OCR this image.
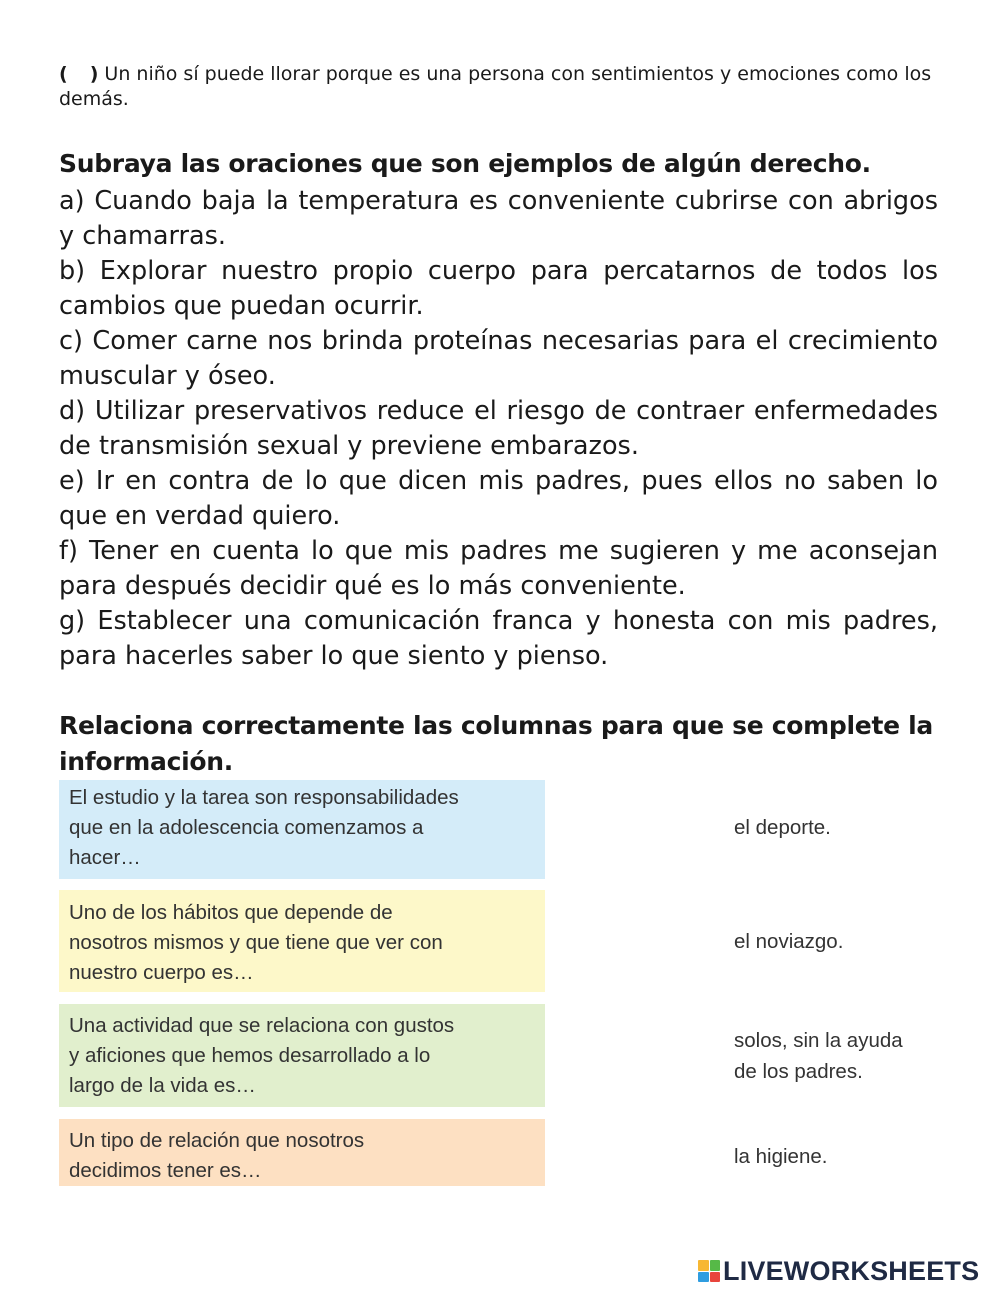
( ) Un niño sí puede llorar porque es una persona con sentimientos y emociones como los demás.
Subraya las oraciones que son ejemplos de algún derecho.
a) Cuando baja la temperatura es conveniente cubrirse con abrigos y chamarras.
b) Explorar nuestro propio cuerpo para percatarnos de todos los cambios que puedan ocurrir.
c) Comer carne nos brinda proteínas necesarias para el crecimiento muscular y óseo.
d) Utilizar preservativos reduce el riesgo de contraer enfermedades de transmisión sexual y previene embarazos.
e) Ir en contra de lo que dicen mis padres, pues ellos no saben lo que en verdad quiero.
f) Tener en cuenta lo que mis padres me sugieren y me aconsejan para después decidir qué es lo más conveniente.
g) Establecer una comunicación franca y honesta con mis padres, para hacerles saber lo que siento y pienso.
Relaciona correctamente las columnas para que se complete la información.
El estudio y la tarea son responsabilidades
que en la adolescencia comenzamos a
hacer…
Uno de los hábitos que depende de
nosotros mismos y que tiene que ver con
nuestro cuerpo es…
Una actividad que se relaciona con gustos
y aficiones que hemos desarrollado a lo
largo de la vida es…
Un tipo de relación que nosotros
decidimos tener es…
el deporte.
el noviazgo.
solos, sin la ayuda
de los padres.
la higiene.
LIVEWORKSHEETS
